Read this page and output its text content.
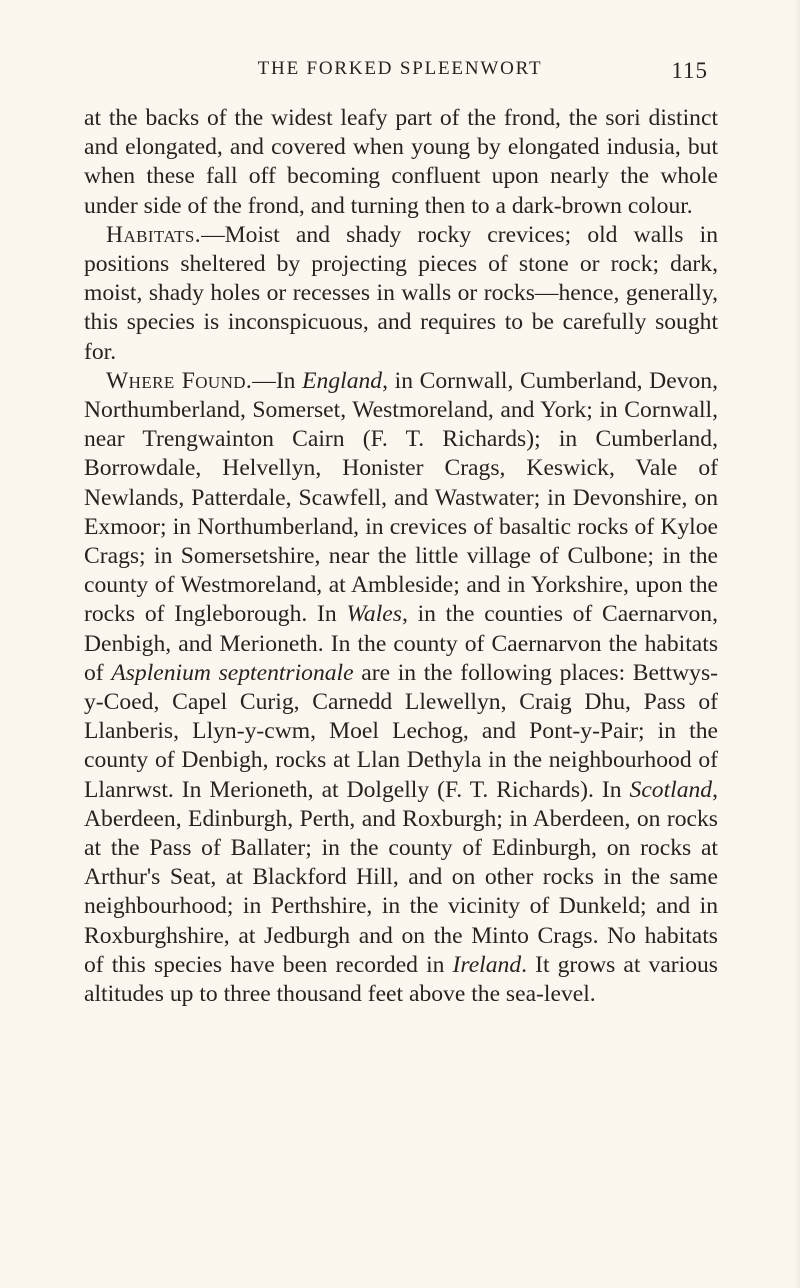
THE FORKED SPLEENWORT	115

at the backs of the widest leafy part of the frond, the sori distinct and elongated, and covered when young by elongated indusia, but when these fall off becoming confluent upon nearly the whole under side of the frond, and turning then to a dark-brown colour.

Habitats.—Moist and shady rocky crevices; old walls in positions sheltered by projecting pieces of stone or rock; dark, moist, shady holes or recesses in walls or rocks—hence, generally, this species is inconspicuous, and requires to be carefully sought for.

Where Found.—In England, in Cornwall, Cumberland, Devon, Northumberland, Somerset, Westmoreland, and York; in Cornwall, near Trengwainton Cairn (F. T. Richards); in Cumberland, Borrowdale, Helvellyn, Honister Crags, Keswick, Vale of Newlands, Patterdale, Scawfell, and Wastwater; in Devonshire, on Exmoor; in Northumberland, in crevices of basaltic rocks of Kyloe Crags; in Somersetshire, near the little village of Culbone; in the county of Westmoreland, at Ambleside; and in Yorkshire, upon the rocks of Ingleborough. In Wales, in the counties of Caernarvon, Denbigh, and Merioneth. In the county of Caernarvon the habitats of Asplenium septentrionale are in the following places: Bettwys-y-Coed, Capel Curig, Carnedd Llewellyn, Craig Dhu, Pass of Llanberis, Llyn-y-cwm, Moel Lechog, and Pont-y-Pair; in the county of Denbigh, rocks at Llan Dethyla in the neighbourhood of Llanrwst. In Merioneth, at Dolgelly (F. T. Richards). In Scotland, Aberdeen, Edinburgh, Perth, and Roxburgh; in Aberdeen, on rocks at the Pass of Ballater; in the county of Edinburgh, on rocks at Arthur's Seat, at Blackford Hill, and on other rocks in the same neighbourhood; in Perthshire, in the vicinity of Dunkeld; and in Roxburghshire, at Jedburgh and on the Minto Crags. No habitats of this species have been recorded in Ireland. It grows at various altitudes up to three thousand feet above the sea-level.
